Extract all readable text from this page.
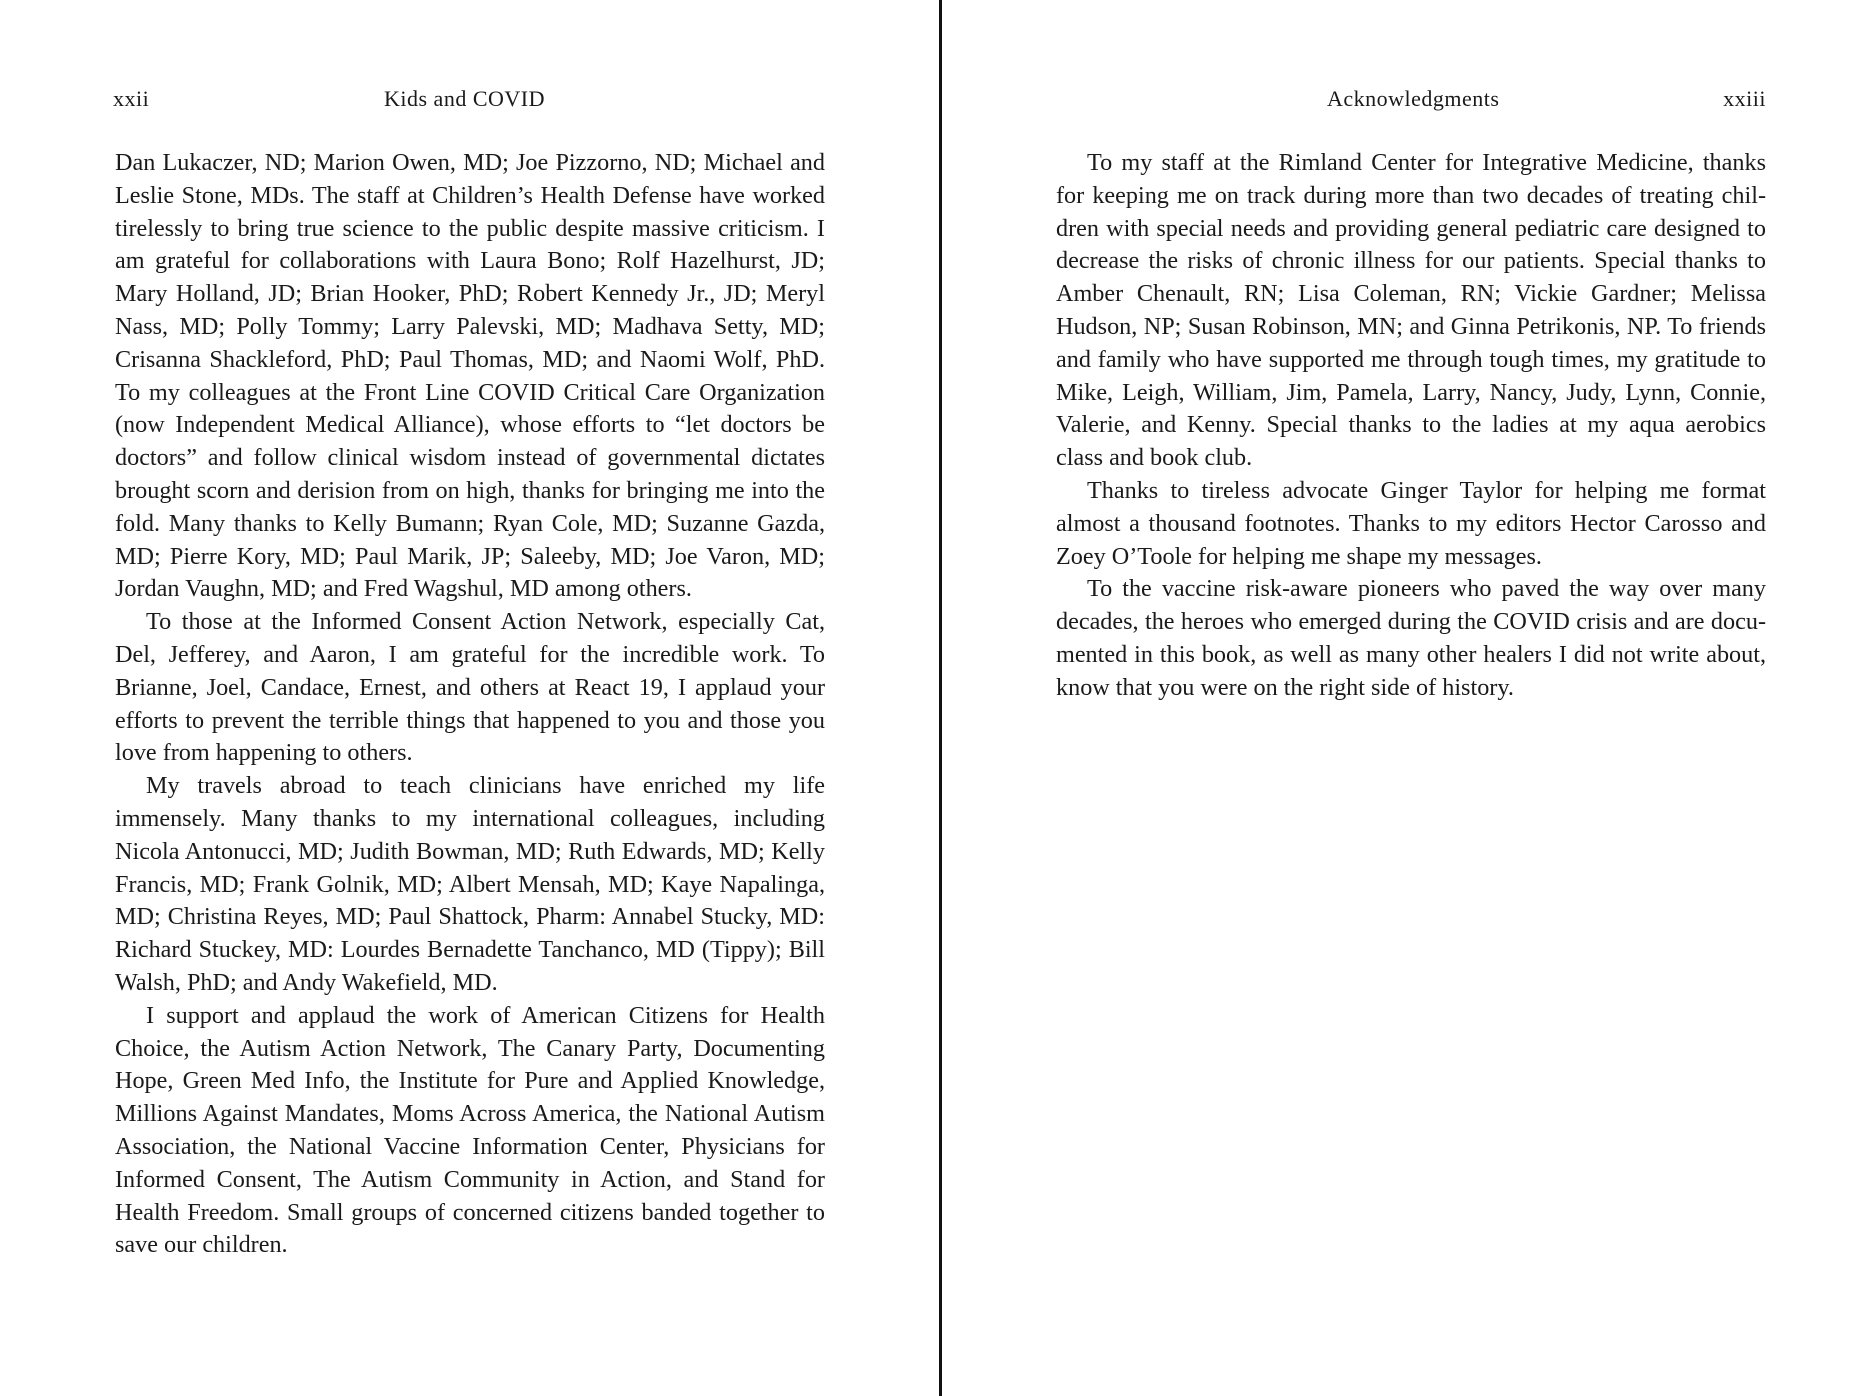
xxii	Kids and COVID

Dan Lukaczer, ND; Marion Owen, MD; Joe Pizzorno, ND; Michael and Leslie Stone, MDs. The staff at Children’s Health Defense have worked tirelessly to bring true science to the public despite massive criticism. I am grateful for collaborations with Laura Bono; Rolf Hazelhurst, JD; Mary Holland, JD; Brian Hooker, PhD; Robert Kennedy Jr., JD; Meryl Nass, MD; Polly Tommy; Larry Palevski, MD; Madhava Setty, MD; Crisanna Shackleford, PhD; Paul Thomas, MD; and Naomi Wolf, PhD. To my colleagues at the Front Line COVID Critical Care Organization (now Independent Medical Alliance), whose efforts to “let doctors be doctors” and follow clinical wisdom instead of governmental dictates brought scorn and derision from on high, thanks for bringing me into the fold. Many thanks to Kelly Bumann; Ryan Cole, MD; Suzanne Gazda, MD; Pierre Kory, MD; Paul Marik, JP; Saleeby, MD; Joe Varon, MD; Jordan Vaughn, MD; and Fred Wagshul, MD among others.

To those at the Informed Consent Action Network, especially Cat, Del, Jefferey, and Aaron, I am grateful for the incredible work. To Brianne, Joel, Candace, Ernest, and others at React 19, I applaud your efforts to prevent the terrible things that happened to you and those you love from happening to others.

My travels abroad to teach clinicians have enriched my life immensely. Many thanks to my international colleagues, including Nicola Antonucci, MD; Judith Bowman, MD; Ruth Edwards, MD; Kelly Francis, MD; Frank Golnik, MD; Albert Mensah, MD; Kaye Napalinga, MD; Christina Reyes, MD; Paul Shattock, Pharm: Annabel Stucky, MD: Richard Stuckey, MD: Lourdes Bernadette Tanchanco, MD (Tippy); Bill Walsh, PhD; and Andy Wakefield, MD.

I support and applaud the work of American Citizens for Health Choice, the Autism Action Network, The Canary Party, Documenting Hope, Green Med Info, the Institute for Pure and Applied Knowledge, Millions Against Mandates, Moms Across America, the National Autism Association, the National Vaccine Information Center, Physicians for Informed Consent, The Autism Community in Action, and Stand for Health Freedom. Small groups of concerned citizens banded together to save our children.

Acknowledgments	xxiii

To my staff at the Rimland Center for Integrative Medicine, thanks for keeping me on track during more than two decades of treating children with special needs and providing general pediatric care designed to decrease the risks of chronic illness for our patients. Special thanks to Amber Chenault, RN; Lisa Coleman, RN; Vickie Gardner; Melissa Hudson, NP; Susan Robinson, MN; and Ginna Petrikonis, NP. To friends and family who have supported me through tough times, my gratitude to Mike, Leigh, William, Jim, Pamela, Larry, Nancy, Judy, Lynn, Connie, Valerie, and Kenny. Special thanks to the ladies at my aqua aerobics class and book club.

Thanks to tireless advocate Ginger Taylor for helping me format almost a thousand footnotes. Thanks to my editors Hector Carosso and Zoey O’Toole for helping me shape my messages.

To the vaccine risk-aware pioneers who paved the way over many decades, the heroes who emerged during the COVID crisis and are documented in this book, as well as many other healers I did not write about, know that you were on the right side of history.
